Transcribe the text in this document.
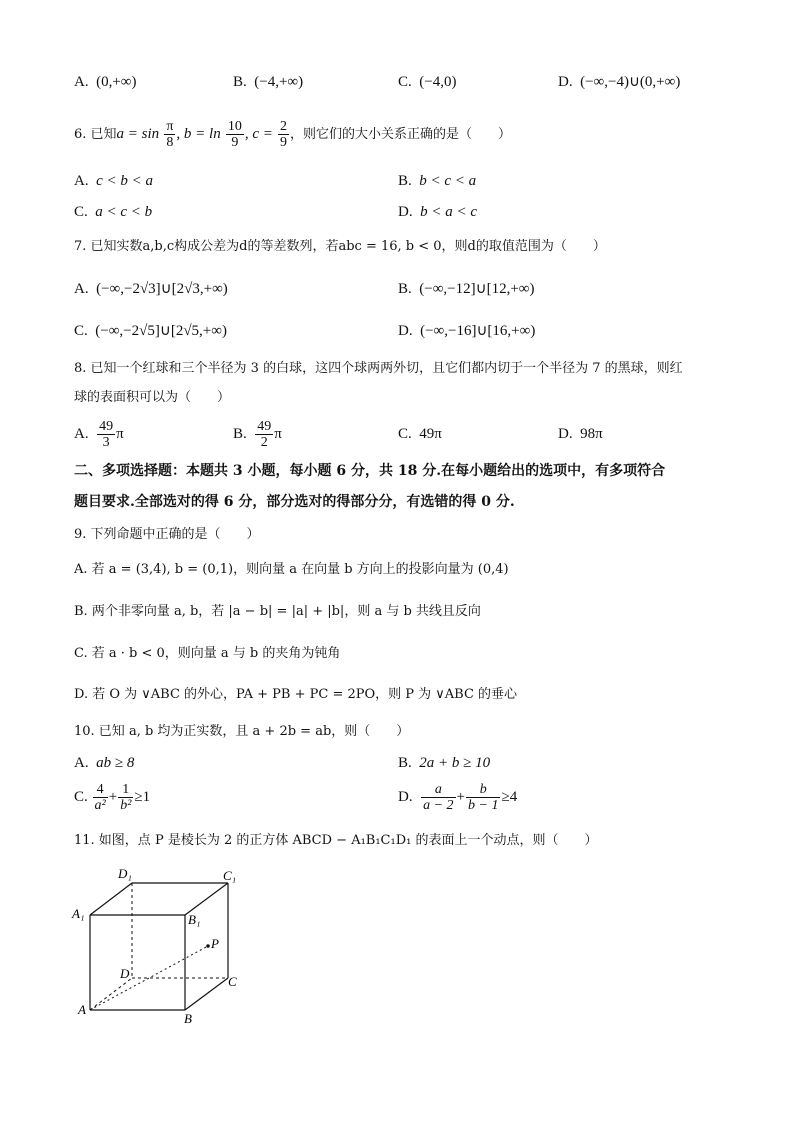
A. (0,+∞)	B. (−4,+∞)	C. (−4,0)	D. (−∞,−4)∪(0,+∞)
6. 已知$a = \sin \frac{\pi}{8}$ , $b = \ln \frac{10}{9}$ , $c = \frac{2}{9}$ ，则它们的大小关系正确的是（　　）
A. c < b < a	B. b < c < a
C. a < c < b	D. b < a < c
7. 已知实数a,b,c构成公差为d的等差数列，若abc = 16, b < 0，则d的取值范围为（　　）
A. (−∞,−2√3]∪[2√3,+∞)	B. (−∞,−12]∪[12,+∞)
C. (−∞,−2√5]∪[2√5,+∞)	D. (−∞,−16]∪[16,+∞)
8. 已知一个红球和三个半径为 3 的白球，这四个球两两外切，且它们都内切于一个半径为 7 的黑球，则红
球的表面积可以为（　　）
A. $\frac{49}{3}$ π	B. $\frac{49}{2}$ π	C. 49π	D. 98π
二、多项选择题：本题共 3 小题，每小题 6 分，共 18 分.在每小题给出的选项中，有多项符合
题目要求.全部选对的得 6 分，部分选对的得部分分，有选错的得 0 分.
9. 下列命题中正确的是（　　）
A. 若 a = (3,4), b = (0,1)，则向量 a 在向量 b 方向上的投影向量为 (0,4)
B. 两个非零向量 a, b，若 |a − b| = |a| + |b|，则 a 与 b 共线且反向
C. 若 a · b < 0，则向量 a 与 b 的夹角为钝角
D. 若 O 为 ∨ABC 的外心，PA + PB + PC = 2PO，则 P 为 ∨ABC 的垂心
10. 已知 a, b 均为正实数，且 a + 2b = ab，则（　　）
A. ab ≥ 8	B. 2a + b ≥ 10
C. $\frac{4}{\text{a²}} + \frac{1}{\text{b²}} \ge 1$	D. $\frac{a}{a - 2} + \frac{b}{b - 1} \ge 4$
11. 如图，点 P 是棱长为 2 的正方体 ABCD − A₁B₁C₁D₁ 的表面上一个动点，则（　　）
D₁	C₁
A₁	B₁
P
D
C
A
B
